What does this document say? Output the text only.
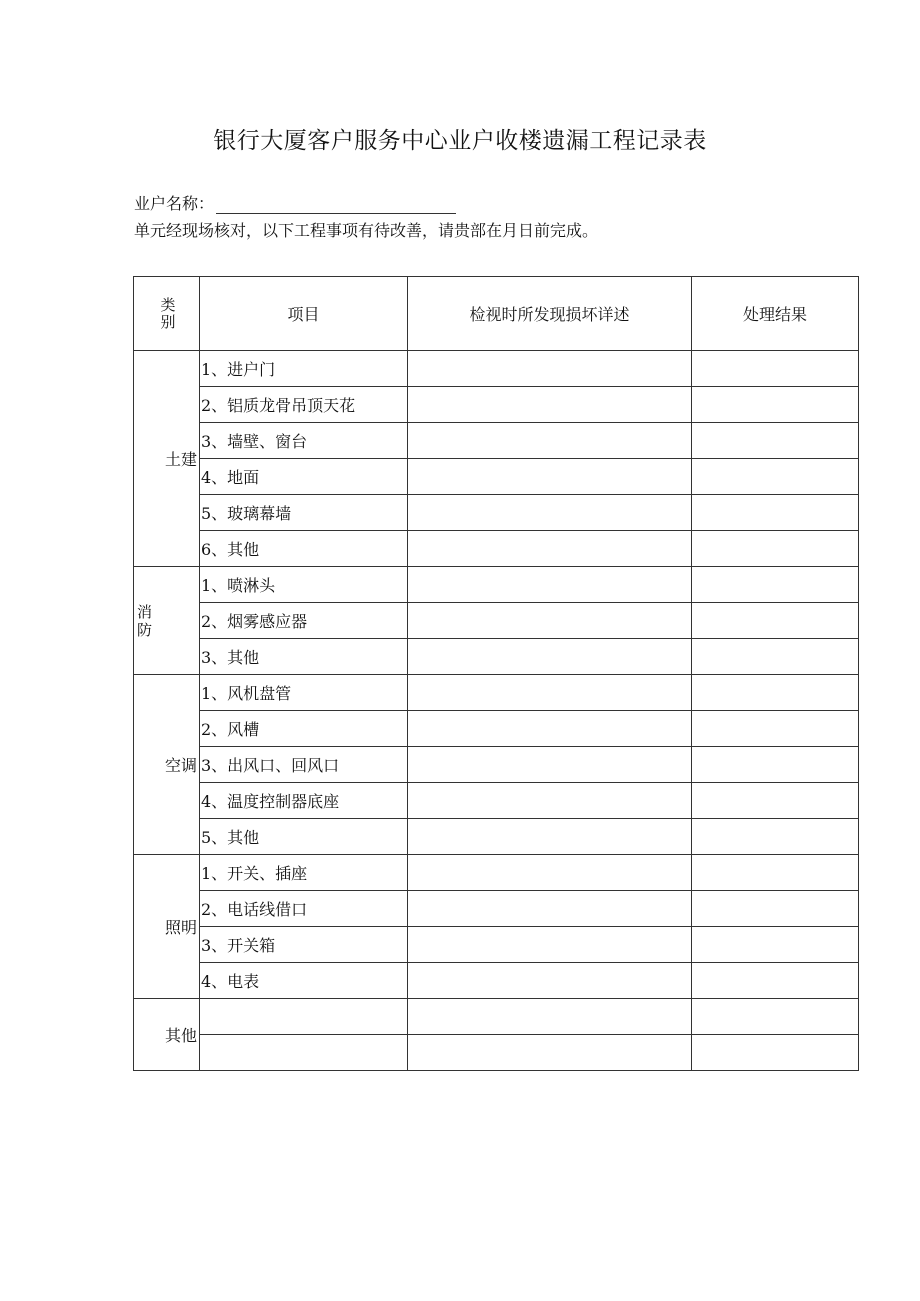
银行大厦客户服务中心业户收楼遗漏工程记录表
业户名称：
单元经现场核对，以下工程事项有待改善，请贵部在月日前完成。
类别	项目	检视时所发现损坏详述	处理结果
土建	1、进户门		
	2、铝质龙骨吊顶天花		
	3、墙壁、窗台		
	4、地面		
	5、玻璃幕墙		
	6、其他		
消防	1、喷淋头		
	2、烟雾感应器		
	3、其他		
空调	1、风机盘管		
	2、风槽		
	3、出风口、回风口		
	4、温度控制器底座		
	5、其他		
照明	1、开关、插座		
	2、电话线借口		
	3、开关箱		
	4、电表		
其他			
